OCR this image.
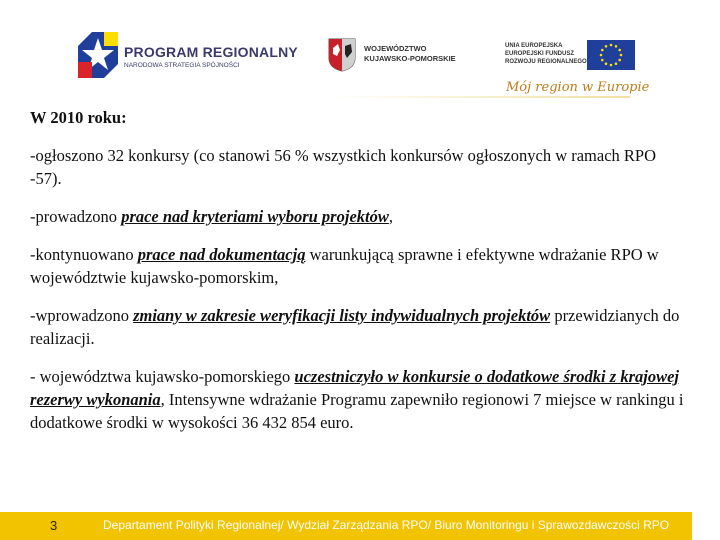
PROGRAM REGIONALNY
NARODOWA STRATEGIA SPÓJNOŚCI
WOJEWÓDZTWO
KUJAWSKO-POMORSKIE
UNIA EUROPEJSKA
EUROPEJSKI FUNDUSZ
ROZWOJU REGIONALNEGO
Mój region w Europie

W 2010 roku:

-ogłoszono 32 konkursy (co stanowi 56 % wszystkich konkursów ogłoszonych w ramach RPO -57).

-prowadzono prace nad kryteriami wyboru projektów,

-kontynuowano prace nad dokumentacją warunkującą sprawne i efektywne wdrażanie RPO w województwie kujawsko-pomorskim,

-wprowadzono zmiany w zakresie weryfikacji listy indywidualnych projektów przewidzianych do realizacji.

- województwa kujawsko-pomorskiego uczestniczyło w konkursie o dodatkowe środki z krajowej rezerwy wykonania, Intensywne wdrażanie Programu zapewniło regionowi 7 miejsce w rankingu i dodatkowe środki w wysokości 36 432 854 euro.

3	Departament Polityki Regionalnej/ Wydział Zarządzania RPO/ Biuro Monitoringu i Sprawozdawczości RPO
